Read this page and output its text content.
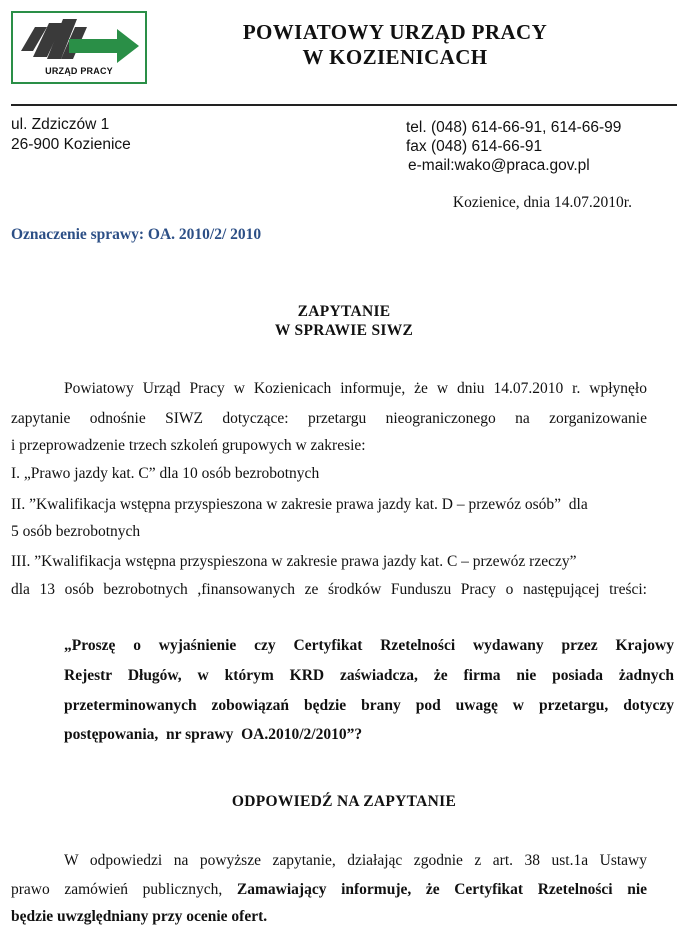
URZĄD PRACY
POWIATOWY URZĄD PRACY
W KOZIENICACH
ul. Zdziczów 1
26-900 Kozienice
tel. (048) 614-66-91, 614-66-99
fax (048) 614-66-91
e-mail:wako@praca.gov.pl
Kozienice, dnia 14.07.2010r.
Oznaczenie sprawy: OA. 2010/2/ 2010
ZAPYTANIE
W SPRAWIE SIWZ
Powiatowy Urząd Pracy w Kozienicach informuje, że w dniu 14.07.2010 r. wpłynęło
zapytanie odnośnie SIWZ dotyczące: przetargu nieograniczonego na zorganizowanie
i przeprowadzenie trzech szkoleń grupowych w zakresie:
I. „Prawo jazdy kat. C” dla 10 osób bezrobotnych
II. ”Kwalifikacja wstępna przyspieszona w zakresie prawa jazdy kat. D – przewóz osób”  dla
5 osób bezrobotnych
III. ”Kwalifikacja wstępna przyspieszona w zakresie prawa jazdy kat. C – przewóz rzeczy”
dla 13 osób bezrobotnych ,finansowanych ze środków Funduszu Pracy o następującej treści:
„Proszę o wyjaśnienie czy Certyfikat Rzetelności wydawany przez Krajowy
Rejestr Długów, w którym KRD zaświadcza, że firma nie posiada żadnych
przeterminowanych zobowiązań będzie brany pod uwagę w przetargu, dotyczy
postępowania,  nr sprawy  OA.2010/2/2010”?
ODPOWIEDŹ NA ZAPYTANIE
W odpowiedzi na powyższe zapytanie, działając zgodnie z art. 38 ust.1a Ustawy
prawo zamówień publicznych, Zamawiający informuje, że Certyfikat Rzetelności nie
będzie uwzględniany przy ocenie ofert.
